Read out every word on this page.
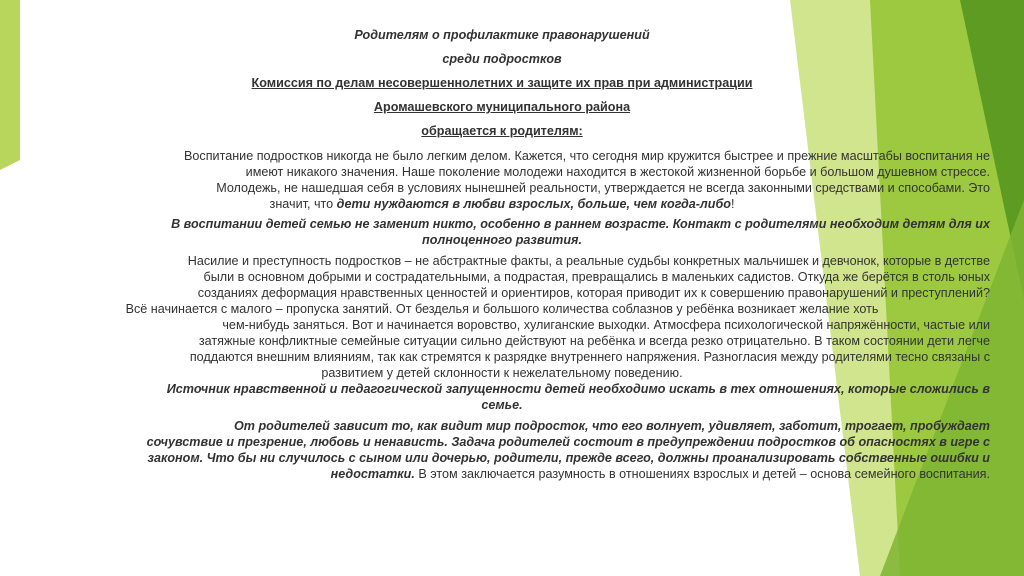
Родителям о профилактике правонарушений
среди подростков
Комиссия по делам несовершеннолетних и защите их прав при администрации
Аромашевского муниципального района
обращается к родителям:
Воспитание подростков никогда не было легким делом. Кажется, что сегодня мир кружится быстрее и прежние масштабы воспитания не
имеют никакого значения. Наше поколение молодежи находится в жестокой жизненной борьбе и большом душевном стрессе.
Молодежь, не нашедшая себя в условиях нынешней реальности, утверждается не всегда законными средствами и способами. Это
значит, что дети нуждаются в любви взрослых, больше, чем когда-либо!
В воспитании детей семью не заменит никто, особенно в раннем возрасте. Контакт с родителями необходим детям для их
полноценного развития.
Насилие и преступность подростков – не абстрактные факты, а реальные судьбы конкретных мальчишек и девчонок, которые в детстве
были в основном добрыми и сострадательными, а подрастая, превращались в маленьких садистов. Откуда же берётся в столь юных
созданиях деформация нравственных ценностей и ориентиров, которая приводит их к совершению правонарушений и преступлений?
Всё начинается с малого – пропуска занятий. От безделья и большого количества соблазнов у ребёнка возникает желание хоть
чем-нибудь заняться. Вот и начинается воровство, хулиганские выходки. Атмосфера психологической напряжённости, частые или
затяжные конфликтные семейные ситуации сильно действуют на ребёнка и всегда резко отрицательно. В таком состоянии дети легче
поддаются внешним влияниям, так как стремятся к разрядке внутреннего напряжения. Разногласия между родителями тесно связаны с
развитием у детей склонности к нежелательному поведению.
Источник нравственной и педагогической запущенности детей необходимо искать в тех отношениях, которые сложились в
семье.
От родителей зависит то, как видит мир подросток, что его волнует, удивляет, заботит, трогает, пробуждает
сочувствие и презрение, любовь и ненависть. Задача родителей состоит в предупреждении подростков об опасностях в игре с
законом. Что бы ни случилось с сыном или дочерью, родители, прежде всего, должны проанализировать собственные ошибки и
недостатки. В этом заключается разумность в отношениях взрослых и детей – основа семейного воспитания.
